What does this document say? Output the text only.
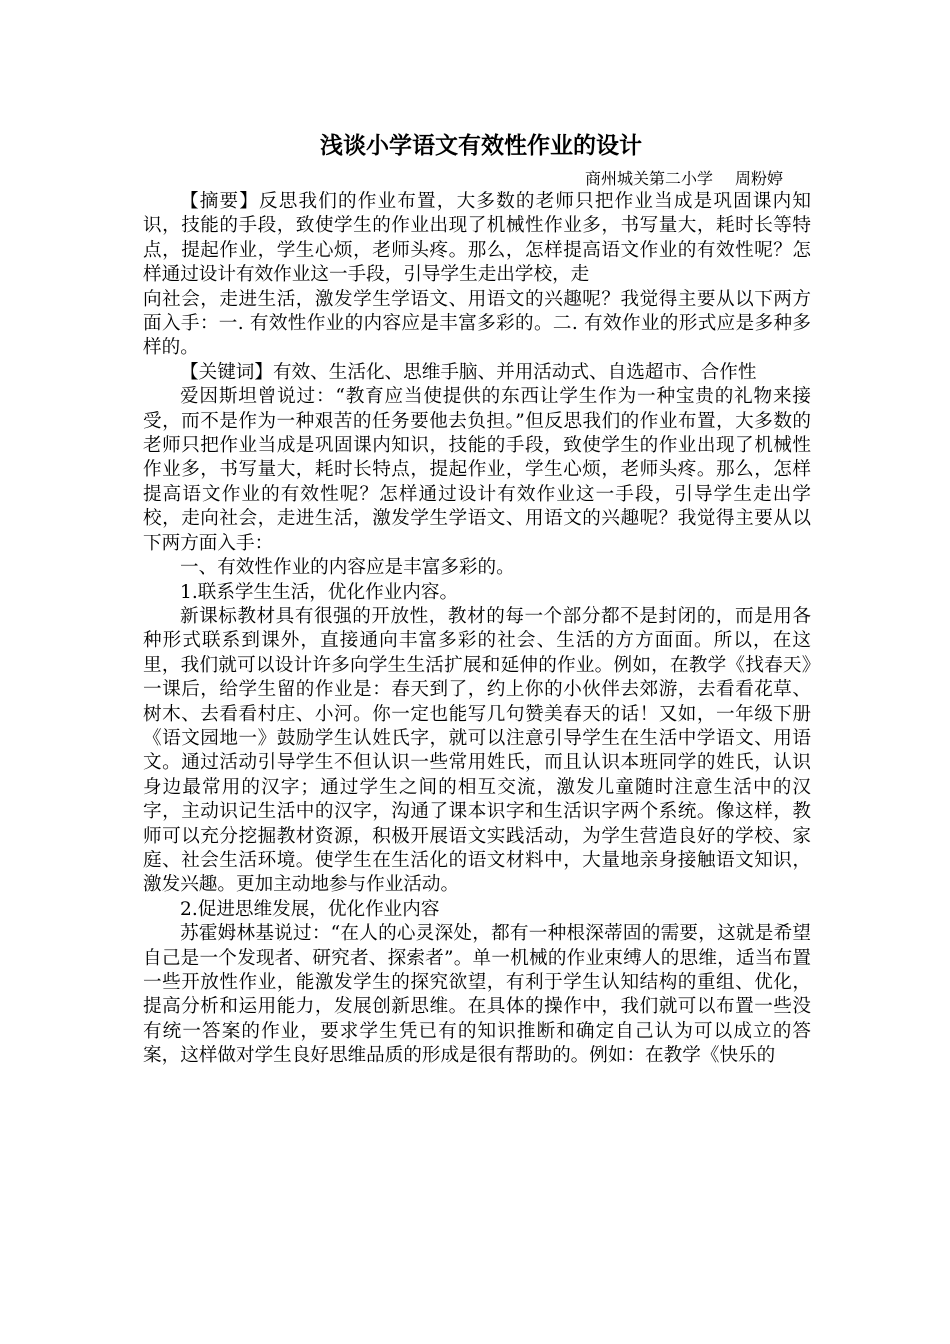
浅谈小学语文有效性作业的设计

商州城关第二小学 周粉婷

【摘要】反思我们的作业布置，大多数的老师只把作业当成是巩固课内知识，技能的手段，致使学生的作业出现了机械性作业多，书写量大，耗时长等特点，提起作业，学生心烦，老师头疼。那么，怎样提高语文作业的有效性呢？怎样通过设计有效作业这一手段，引导学生走出学校，走

向社会，走进生活，激发学生学语文、用语文的兴趣呢？我觉得主要从以下两方面入手：一. 有效性作业的内容应是丰富多彩的。二. 有效作业的形式应是多种多样的。

【关键词】有效、生活化、思维手脑、并用活动式、自选超市、合作性

爱因斯坦曾说过：“教育应当使提供的东西让学生作为一种宝贵的礼物来接受，而不是作为一种艰苦的任务要他去负担。”但反思我们的作业布置，大多数的老师只把作业当成是巩固课内知识，技能的手段，致使学生的作业出现了机械性作业多，书写量大，耗时长特点，提起作业，学生心烦，老师头疼。那么，怎样提高语文作业的有效性呢？怎样通过设计有效作业这一手段，引导学生走出学校，走向社会，走进生活，激发学生学语文、用语文的兴趣呢？我觉得主要从以下两方面入手：

一、有效性作业的内容应是丰富多彩的。

1.联系学生生活，优化作业内容。

新课标教材具有很强的开放性，教材的每一个部分都不是封闭的，而是用各种形式联系到课外，直接通向丰富多彩的社会、生活的方方面面。所以，在这里，我们就可以设计许多向学生生活扩展和延伸的作业。例如，在教学《找春天》一课后，给学生留的作业是：春天到了，约上你的小伙伴去郊游，去看看花草、树木、去看看村庄、小河。你一定也能写几句赞美春天的话！又如，一年级下册《语文园地一》鼓励学生认姓氏字，就可以注意引导学生在生活中学语文、用语文。通过活动引导学生不但认识一些常用姓氏，而且认识本班同学的姓氏，认识身边最常用的汉字；通过学生之间的相互交流，激发儿童随时注意生活中的汉字，主动识记生活中的汉字，沟通了课本识字和生活识字两个系统。像这样，教师可以充分挖掘教材资源，积极开展语文实践活动，为学生营造良好的学校、家庭、社会生活环境。使学生在生活化的语文材料中，大量地亲身接触语文知识，激发兴趣。更加主动地参与作业活动。

2.促进思维发展，优化作业内容

苏霍姆林基说过：“在人的心灵深处，都有一种根深蒂固的需要，这就是希望自己是一个发现者、研究者、探索者”。单一机械的作业束缚人的思维，适当布置一些开放性作业，能激发学生的探究欲望，有利于学生认知结构的重组、优化，提高分析和运用能力，发展创新思维。在具体的操作中，我们就可以布置一些没有统一答案的作业，要求学生凭已有的知识推断和确定自己认为可以成立的答案，这样做对学生良好思维品质的形成是很有帮助的。例如：在教学《快乐的
